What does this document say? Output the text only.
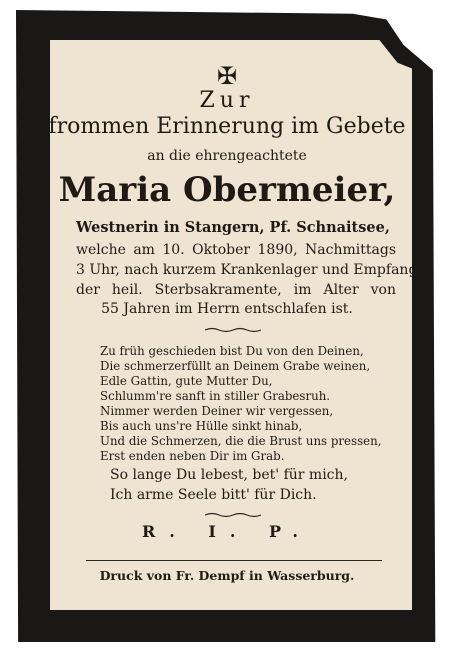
✠
Zur
frommen Erinnerung im Gebete
an die ehrengeachtete
Maria Obermeier,
Westnerin in Stangern, Pf. Schnaitsee,
welche am 10. Oktober 1890, Nachmittags
3 Uhr, nach kurzem Krankenlager und Empfang
der heil. Sterbsakramente, im Alter von
55 Jahren im Herrn entschlafen ist.
Zu früh geschieden bist Du von den Deinen,
Die schmerzerfüllt an Deinem Grabe weinen,
Edle Gattin, gute Mutter Du,
Schlumm're sanft in stiller Grabesruh.
Nimmer werden Deiner wir vergessen,
Bis auch uns're Hülle sinkt hinab,
Und die Schmerzen, die die Brust uns pressen,
Erst enden neben Dir im Grab.
So lange Du lebest, bet' für mich,
Ich arme Seele bitt' für Dich.
R. I. P.
Druck von Fr. Dempf in Wasserburg.
